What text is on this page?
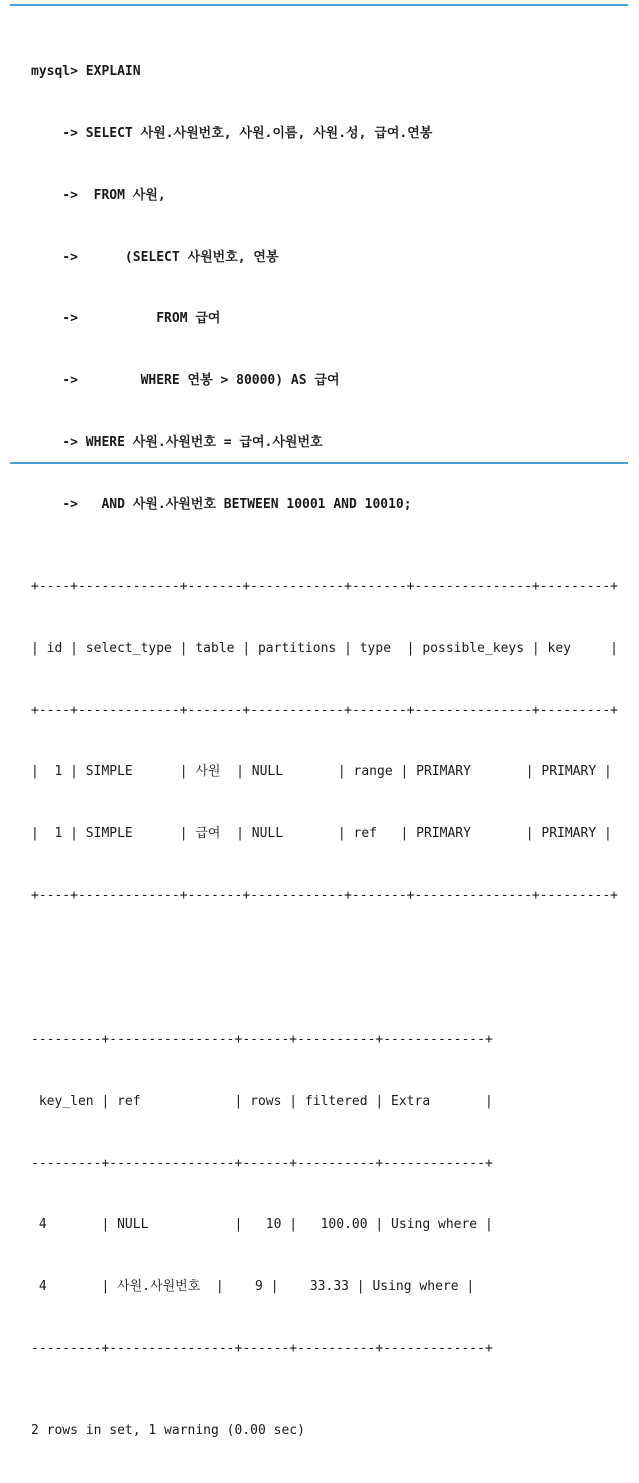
mysql> EXPLAIN

-> SELECT 사원.사원번호, 사원.이름, 사원.성, 급여.연봉

->  FROM 사원,

->      (SELECT 사원번호, 연봉

->          FROM 급여

->        WHERE 연봉 > 80000) AS 급여

-> WHERE 사원.사원번호 = 급여.사원번호

->   AND 사원.사원번호 BETWEEN 10001 AND 10010;

+----+-------------+-------+------------+-------+---------------+---------+

| id | select_type | table | partitions | type  | possible_keys | key     |

+----+-------------+-------+------------+-------+---------------+---------+

|  1 | SIMPLE      | 사원  | NULL       | range | PRIMARY       | PRIMARY |

|  1 | SIMPLE      | 급여  | NULL       | ref   | PRIMARY       | PRIMARY |

+----+-------------+-------+------------+-------+---------------+---------+

---------+----------------+------+----------+-------------+

key_len | ref            | rows | filtered | Extra       |

---------+----------------+------+----------+-------------+

4       | NULL           |   10 |   100.00 | Using where |

4       | 사원.사원번호  |    9 |    33.33 | Using where |

---------+----------------+------+----------+-------------+

2 rows in set, 1 warning (0.00 sec)
